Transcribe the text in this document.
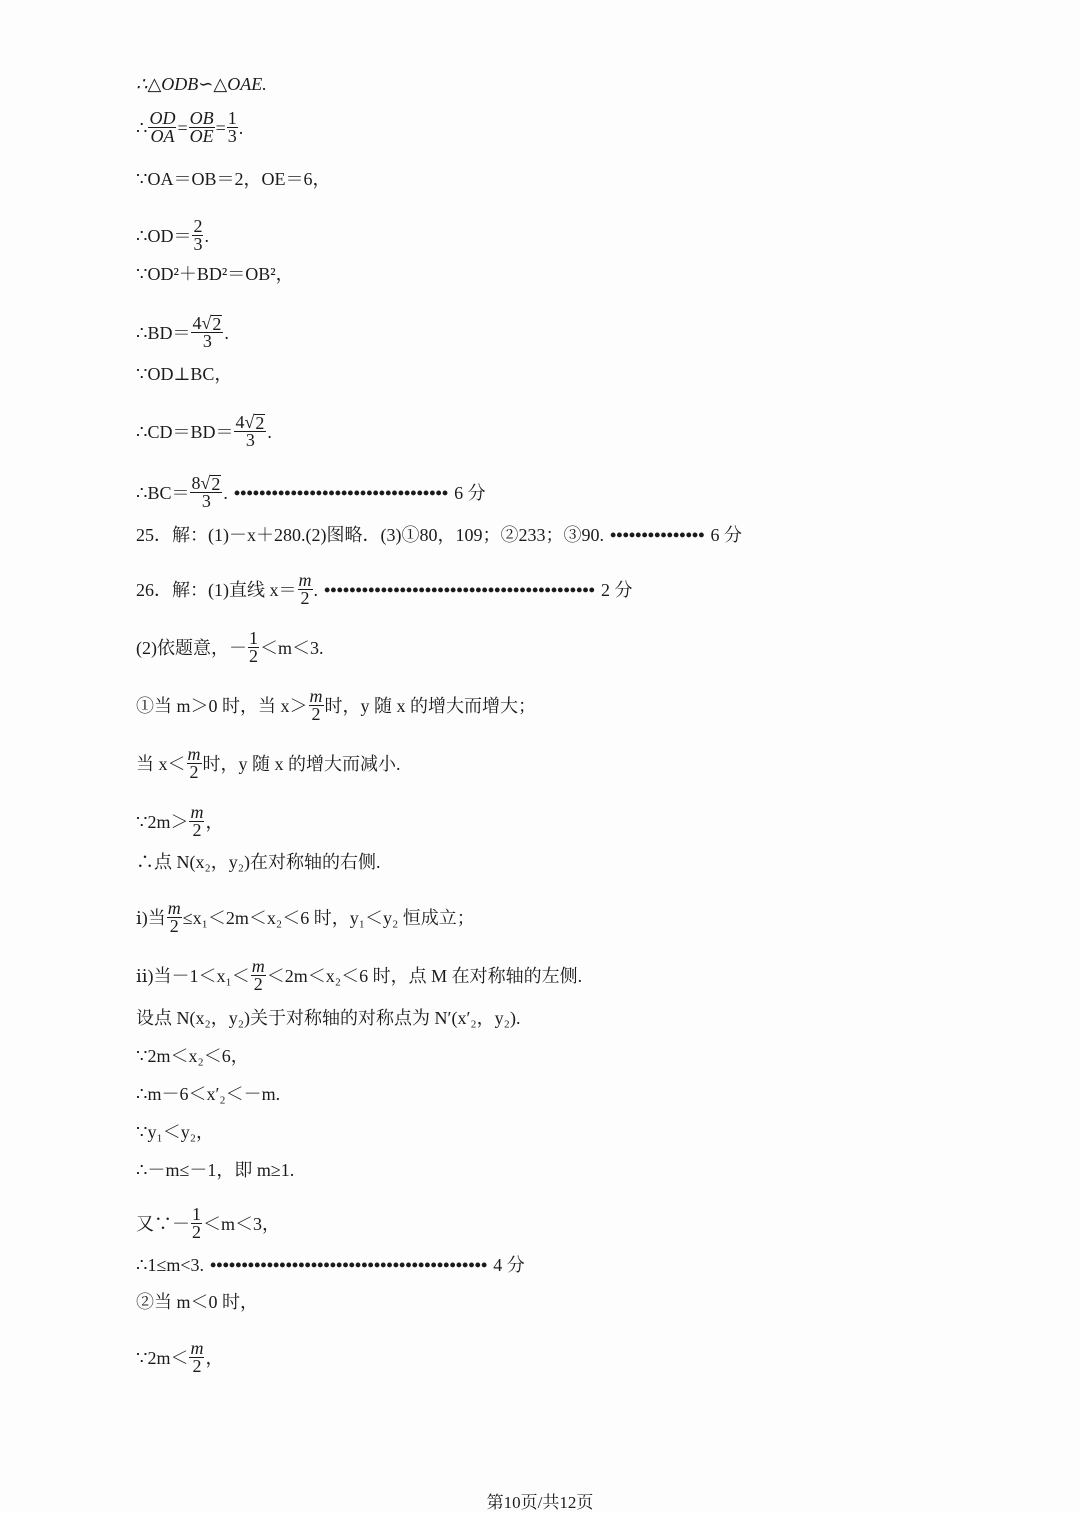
∴△ODB∽△OAE.
∴ $\frac{OD}{OA} = \frac{OB}{OE} = \frac{1}{3}$ .
∵OA＝OB＝2，OE＝6，
∴OD＝ $\frac{2}{3}$ .
∵OD²＋BD²＝OB²，
∴BD＝ $\frac{4√ 2}{3}$ .
∵OD⊥BC，
∴CD＝BD＝ $\frac{4√ 2}{3}$ .
∴BC＝ $\frac{8√ 2}{3}$ . •••••••••••••••••••••••••••••••••• 6 分
25．解：(1)－x＋280.(2)图略．(3)①80，109；②233；③90. ••••••••••••••• 6 分
26．解：(1)直线 $x= \frac{m}{2}$ . ••••••••••••••••••••••••••••••••••••••••••• 2 分
(2)依题意，－ $\frac{1}{2} <m<3$.
①当 m＞0 时，当 $x> \frac{m}{2}$ 时，y 随 x 的增大而增大；
当 $x< \frac{m}{2}$ 时，y 随 x 的增大而减小.
∵2m＞ $\frac{m}{2}$ ，
∴点 N(x₂，y₂)在对称轴的右侧.
ⅰ)当 $\frac{m}{2} \le x_1<2m<x_2<6$ 时，y₁＜y₂ 恒成立；
ⅱ)当$-1<x_1< \frac{m}{2} <2m<x_2<6$ 时，点 M 在对称轴的左侧.
设点 N(x₂，y₂)关于对称轴的对称点为 N′(x′₂，y₂).
∵2m＜x₂＜6，
∴m－6＜x′₂＜－m.
∵y₁＜y₂，
∴－m≤－1，即 m≥1.
又∵－ $\frac{1}{2} <m<3$，
∴1≤m<3. •••••••••••••••••••••••••••••••••••••••••••• 4 分
②当 m＜0 时，
∵2m＜ $\frac{m}{2}$ ，
第10页/共12页
